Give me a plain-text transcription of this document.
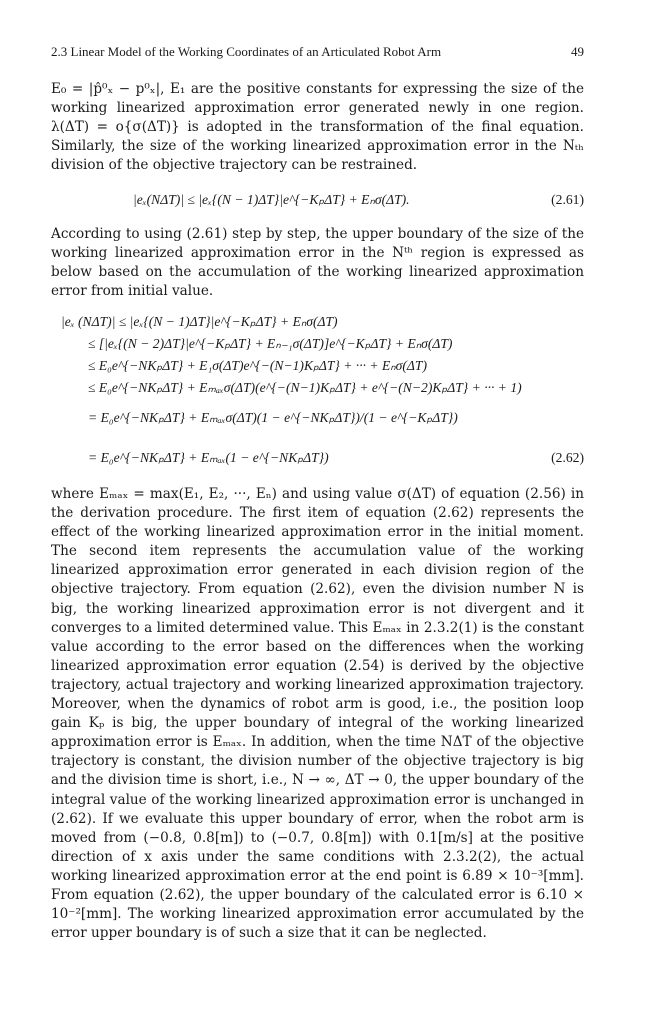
2.3 Linear Model of the Working Coordinates of an Articulated Robot Arm	49
E₀ = |p̂⁰ₓ − p⁰ₓ|, E₁ are the positive constants for expressing the size of the working linearized approximation error generated newly in one region. λ(ΔT) = o{σ(ΔT)} is adopted in the transformation of the final equation. Similarly, the size of the working linearized approximation error in the Nₜₕ division of the objective trajectory can be restrained.
|eₓ(NΔT)| ≤ |eₓ{(N − 1)ΔT}|e^{−KₚΔT} + Eₙσ(ΔT).	(2.61)
According to using (2.61) step by step, the upper boundary of the size of the working linearized approximation error in the Nᵗʰ region is expressed as below based on the accumulation of the working linearized approximation error from initial value.
|eₓ (NΔT)| ≤ |eₓ{(N − 1)ΔT}|e^{−KₚΔT} + Eₙσ(ΔT)
≤ [|eₓ{(N − 2)ΔT}|e^{−KₚΔT} + Eₙ₋₁σ(ΔT)]e^{−KₚΔT} + Eₙσ(ΔT)
≤ E₀e^{−NKₚΔT} + E₁σ(ΔT)e^{−(N−1)KₚΔT} + ··· + Eₙσ(ΔT)
≤ E₀e^{−NKₚΔT} + Eₘₐₓσ(ΔT)(e^{−(N−1)KₚΔT} + e^{−(N−2)KₚΔT} + ··· + 1)
= E₀e^{−NKₚΔT} + Eₘₐₓσ(ΔT)(1 − e^{−NKₚΔT})/(1 − e^{−KₚΔT})
= E₀e^{−NKₚΔT} + Eₘₐₓ(1 − e^{−NKₚΔT})	(2.62)
where Eₘₐₓ = max(E₁, E₂, ···, Eₙ) and using value σ(ΔT) of equation (2.56) in the derivation procedure. The first item of equation (2.62) represents the effect of the working linearized approximation error in the initial moment. The second item represents the accumulation value of the working linearized approximation error generated in each division region of the objective trajectory. From equation (2.62), even the division number N is big, the working linearized approximation error is not divergent and it converges to a limited determined value. This Eₘₐₓ in 2.3.2(1) is the constant value according to the error based on the differences when the working linearized approximation error equation (2.54) is derived by the objective trajectory, actual trajectory and working linearized approximation trajectory. Moreover, when the dynamics of robot arm is good, i.e., the position loop gain Kₚ is big, the upper boundary of integral of the working linearized approximation error is Eₘₐₓ. In addition, when the time NΔT of the objective trajectory is constant, the division number of the objective trajectory is big and the division time is short, i.e., N → ∞, ΔT → 0, the upper boundary of the integral value of the working linearized approximation error is unchanged in (2.62). If we evaluate this upper boundary of error, when the robot arm is moved from (−0.8, 0.8[m]) to (−0.7, 0.8[m]) with 0.1[m/s] at the positive direction of x axis under the same conditions with 2.3.2(2), the actual working linearized approximation error at the end point is 6.89 × 10⁻³[mm]. From equation (2.62), the upper boundary of the calculated error is 6.10 × 10⁻²[mm]. The working linearized approximation error accumulated by the error upper boundary is of such a size that it can be neglected.
